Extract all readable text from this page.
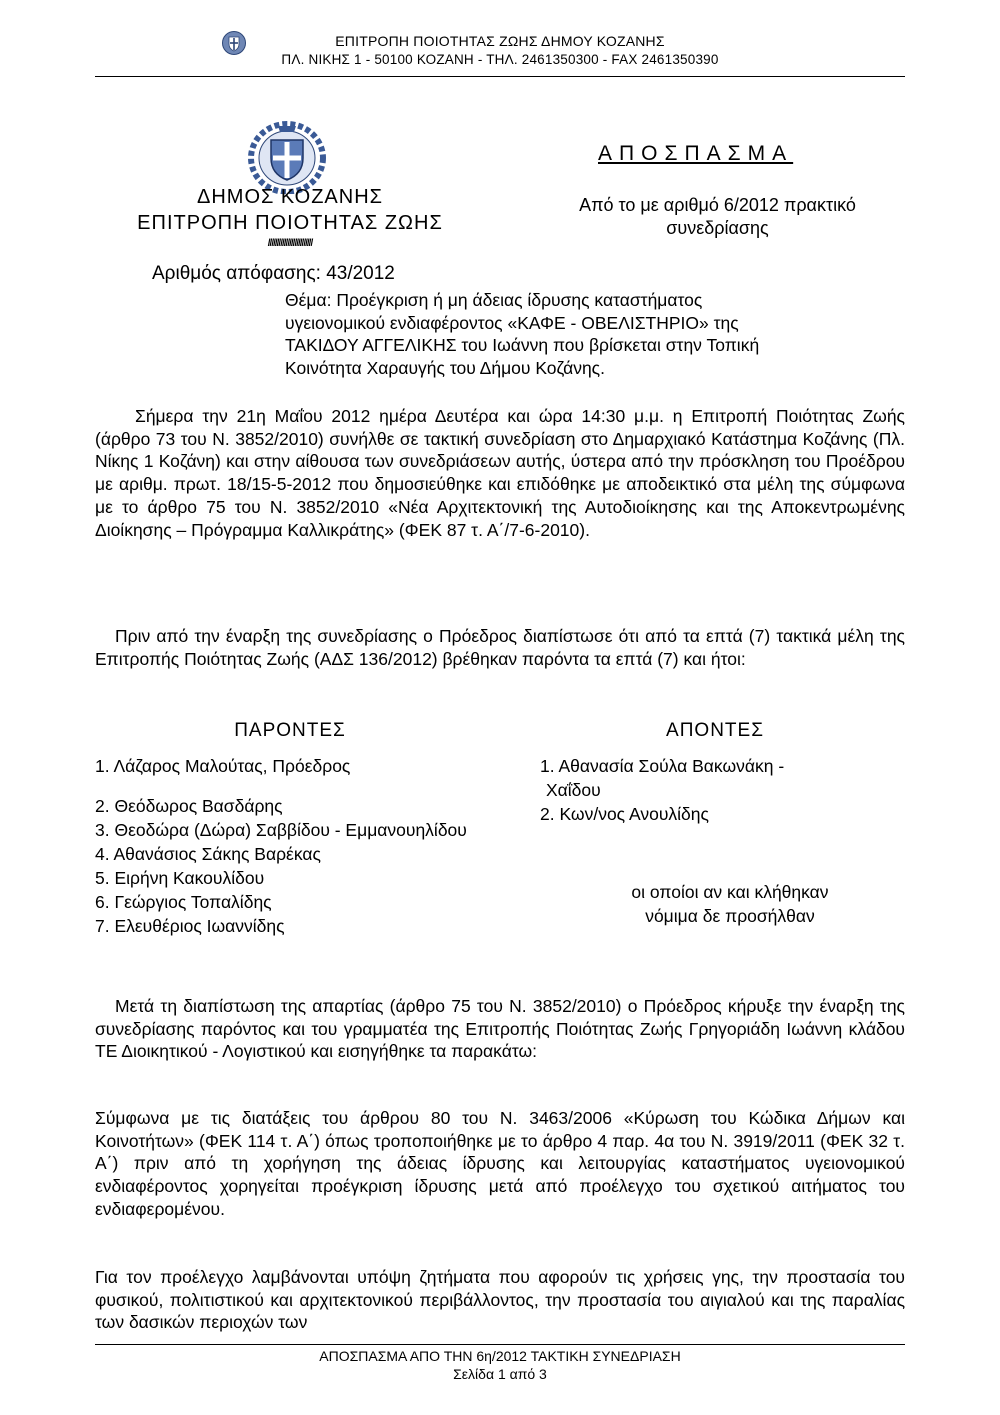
ΕΠΙΤΡΟΠΗ ΠΟΙΟΤΗΤΑΣ ΖΩΗΣ ΔΗΜΟΥ ΚΟΖΑΝΗΣ
ΠΛ. ΝΙΚΗΣ 1 - 50100 ΚΟΖΑΝΗ - ΤΗΛ. 2461350300 - FAX 2461350390
ΔΗΜΟΣ ΚΟΖΑΝΗΣ
ΕΠΙΤΡΟΠΗ ΠΟΙΟΤΗΤΑΣ ΖΩΗΣ
/////////////////////////
Αριθμός απόφασης: 43/2012
ΑΠΟΣΠΑΣΜΑ
Από το με αριθμό 6/2012 πρακτικό
συνεδρίασης
Θέμα: Προέγκριση ή μη άδειας ίδρυσης καταστήματος
υγειονομικού ενδιαφέροντος «ΚΑΦΕ - ΟΒΕΛΙΣΤΗΡΙΟ» της
ΤΑΚΙΔΟΥ ΑΓΓΕΛΙΚΗΣ του Ιωάννη που βρίσκεται στην Τοπική
Κοινότητα Χαραυγής του Δήμου Κοζάνης.
Σήμερα την 21η Μαΐου 2012 ημέρα Δευτέρα και ώρα 14:30 μ.μ. η Επιτροπή Ποιότητας Ζωής (άρθρο 73 του Ν. 3852/2010) συνήλθε σε τακτική συνεδρίαση στο Δημαρχιακό Κατάστημα Κοζάνης (Πλ. Νίκης 1 Κοζάνη) και στην αίθουσα των συνεδριάσεων αυτής, ύστερα από την πρόσκληση του Προέδρου με αριθμ. πρωτ. 18/15-5-2012 που δημοσιεύθηκε και επιδόθηκε με αποδεικτικό στα μέλη της σύμφωνα με το άρθρο 75 του Ν. 3852/2010 «Νέα Αρχιτεκτονική της Αυτοδιοίκησης και της Αποκεντρωμένης Διοίκησης – Πρόγραμμα Καλλικράτης» (ΦΕΚ 87 τ. Α΄/7-6-2010).
Πριν από την έναρξη της συνεδρίασης ο Πρόεδρος διαπίστωσε ότι από τα επτά (7) τακτικά μέλη της Επιτροπής Ποιότητας Ζωής (ΑΔΣ 136/2012) βρέθηκαν παρόντα τα επτά (7) και ήτοι:
ΠΑΡΟΝΤΕΣ	ΑΠΟΝΤΕΣ
1. Λάζαρος Μαλούτας, Πρόεδρος
2. Θεόδωρος Βασδάρης
3. Θεοδώρα (Δώρα) Σαββίδου - Εμμανουηλίδου
4. Αθανάσιος Σάκης Βαρέκας
5. Ειρήνη Κακουλίδου
6. Γεώργιος Τοπαλίδης
7. Ελευθέριος Ιωαννίδης
1. Αθανασία Σούλα Βακωνάκη -
Χαΐδου
2. Κων/νος Ανουλίδης
οι οποίοι αν και κλήθηκαν
νόμιμα δε προσήλθαν
Μετά τη διαπίστωση της απαρτίας (άρθρο 75 του Ν. 3852/2010) ο Πρόεδρος κήρυξε την έναρξη της συνεδρίασης παρόντος και του γραμματέα της Επιτροπής Ποιότητας Ζωής Γρηγοριάδη Ιωάννη κλάδου ΤΕ Διοικητικού - Λογιστικού και εισηγήθηκε τα παρακάτω:
Σύμφωνα με τις διατάξεις του άρθρου 80 του Ν. 3463/2006 «Κύρωση του Κώδικα Δήμων και Κοινοτήτων» (ΦΕΚ 114 τ. Α΄) όπως τροποποιήθηκε με το άρθρο 4 παρ. 4α του Ν. 3919/2011 (ΦΕΚ 32 τ. Α΄) πριν από τη χορήγηση της άδειας ίδρυσης και λειτουργίας καταστήματος υγειονομικού ενδιαφέροντος χορηγείται προέγκριση ίδρυσης μετά από προέλεγχο του σχετικού αιτήματος του ενδιαφερομένου.
Για τον προέλεγχο λαμβάνονται υπόψη ζητήματα που αφορούν τις χρήσεις γης, την προστασία του φυσικού, πολιτιστικού και αρχιτεκτονικού περιβάλλοντος, την προστασία του αιγιαλού και της παραλίας των δασικών περιοχών των
ΑΠΟΣΠΑΣΜΑ ΑΠΟ ΤΗΝ 6η/2012 ΤΑΚΤΙΚΗ ΣΥΝΕΔΡΙΑΣΗ
Σελίδα 1 από 3
